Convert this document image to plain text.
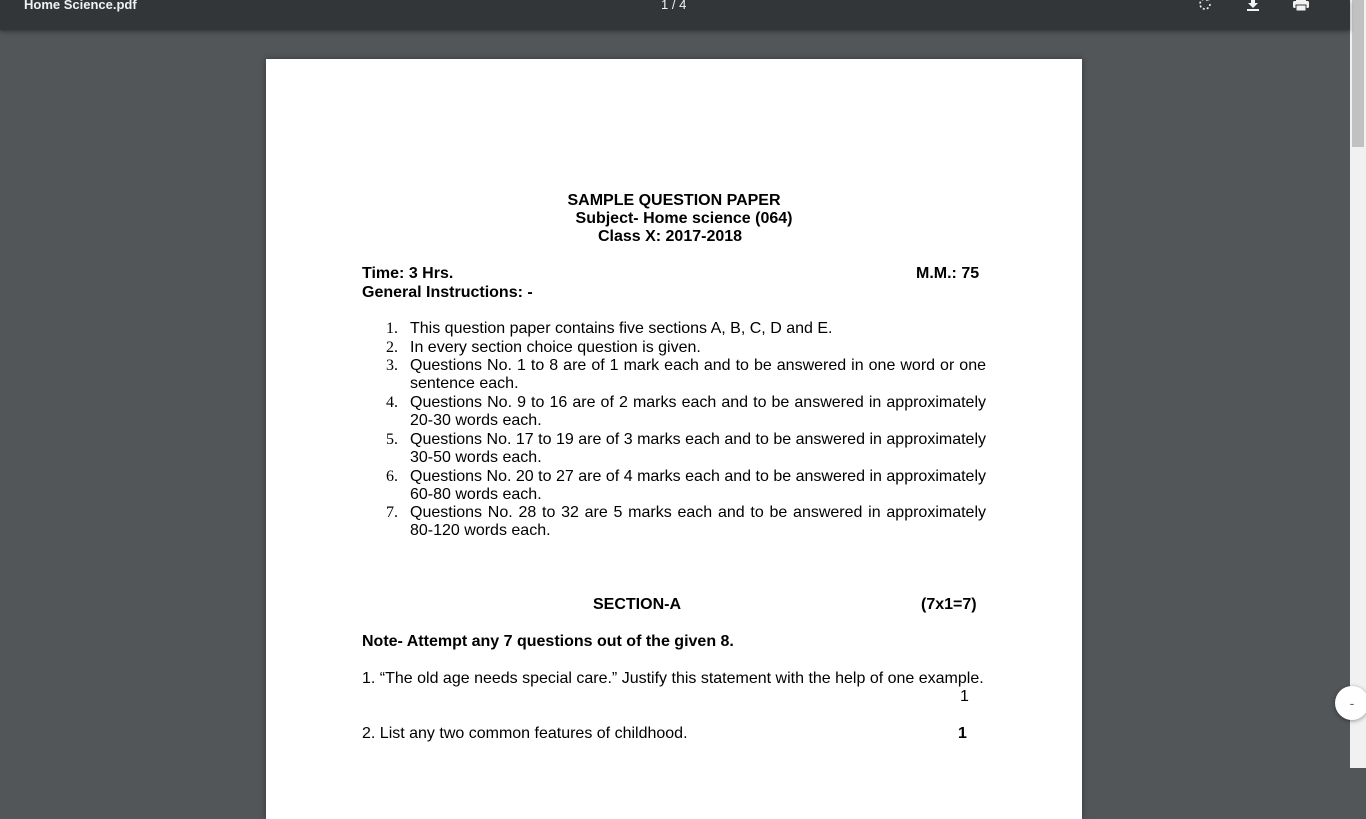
Home Science.pdf	1 / 4
SAMPLE QUESTION PAPER
Subject- Home science (064)
Class X: 2017-2018
Time: 3 Hrs.	M.M.: 75
General Instructions: -
1. This question paper contains five sections A, B, C, D and E.
2. In every section choice question is given.
3. Questions No. 1 to 8 are of 1 mark each and to be answered in one word or one sentence each.
4. Questions No. 9 to 16 are of 2 marks each and to be answered in approximately 20-30 words each.
5. Questions No. 17 to 19 are of 3 marks each and to be answered in approximately 30-50 words each.
6. Questions No. 20 to 27 are of 4 marks each and to be answered in approximately 60-80 words each.
7. Questions No. 28 to 32 are 5 marks each and to be answered in approximately 80-120 words each.
SECTION-A	(7x1=7)
Note- Attempt any 7 questions out of the given 8.
1. “The old age needs special care.” Justify this statement with the help of one example.
1
2. List any two common features of childhood.	1
-
